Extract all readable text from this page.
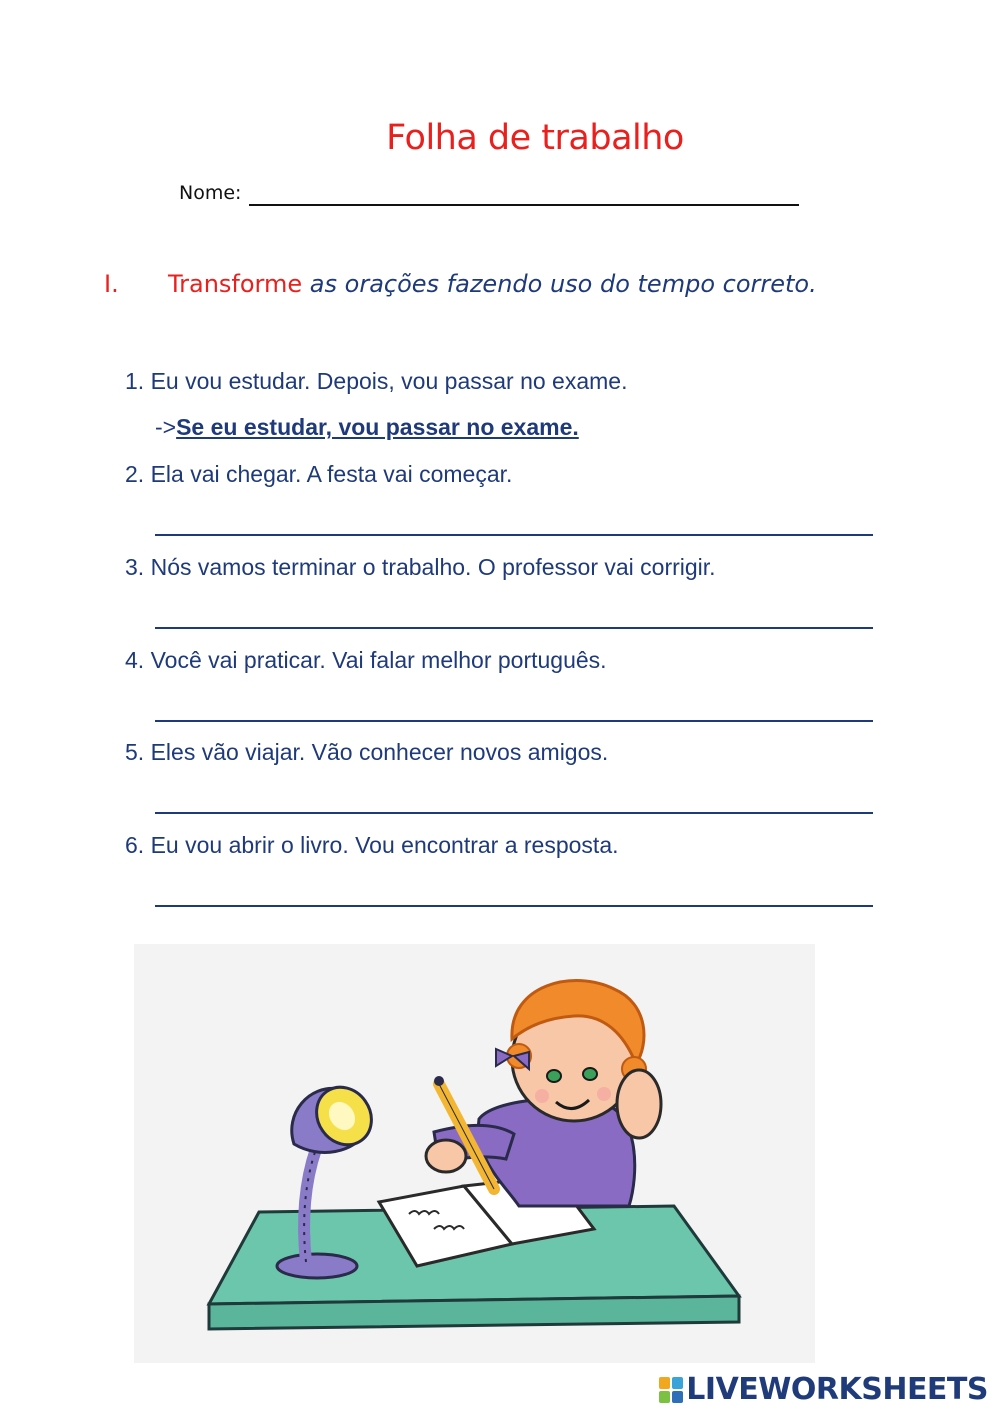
Folha de trabalho
Nome:
I. Transforme as orações fazendo uso do tempo correto.
1. Eu vou estudar. Depois, vou passar no exame.
->Se eu estudar, vou passar no exame.
2. Ela vai chegar. A festa vai começar.
3. Nós vamos terminar o trabalho. O professor vai corrigir.
4. Você vai praticar. Vai falar melhor português.
5. Eles vão viajar. Vão conhecer novos amigos.
6. Eu vou abrir o livro. Vou encontrar a resposta.
LIVEWORKSHEETS
